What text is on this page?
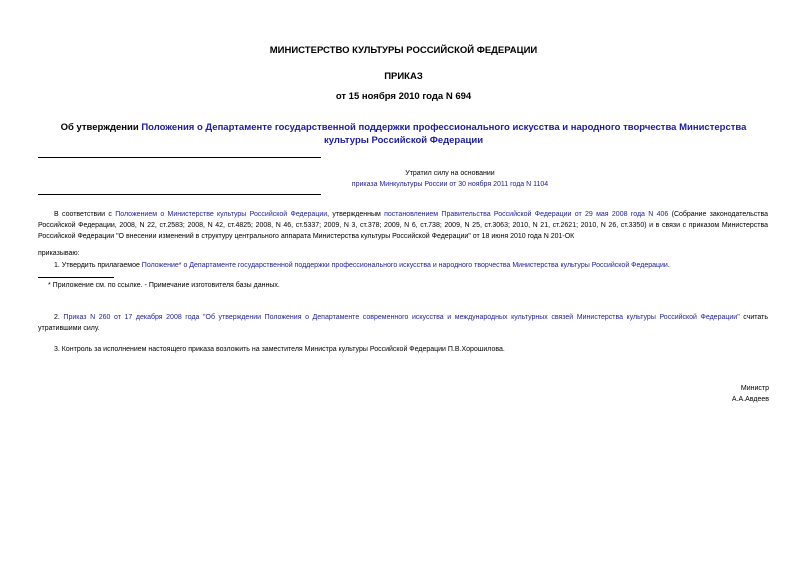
МИНИСТЕРСТВО КУЛЬТУРЫ РОССИЙСКОЙ ФЕДЕРАЦИИ
ПРИКАЗ
от 15 ноября 2010 года N 694
Об утверждении Положения о Департаменте государственной поддержки профессионального искусства и народного творчества Министерства культуры Российской Федерации
Утратил силу на основании
приказа Минкультуры России от 30 ноября 2011 года N 1104
В соответствии с Положением о Министерстве культуры Российской Федерации, утвержденным постановлением Правительства Российской Федерации от 29 мая 2008 года N 406 (Собрание законодательства Российской Федерации, 2008, N 22, ст.2583; 2008, N 42, ст.4825; 2008, N 46, ст.5337; 2009, N 3, ст.378; 2009, N 6, ст.738; 2009, N 25, ст.3063; 2010, N 21, ст.2621; 2010, N 26, ст.3350) и в связи с приказом Министерства Российской Федерации "О внесении изменений в структуру центрального аппарата Министерства культуры Российской Федерации" от 18 июня 2010 года N 201-ОК
приказываю:
1. Утвердить прилагаемое Положение* о Департаменте государственной поддержки профессионального искусства и народного творчества Министерства культуры Российской Федерации.
* Приложение см. по ссылке. - Примечание изготовителя базы данных.
2. Приказ N 260 от 17 декабря 2008 года "Об утверждении Положения о Департаменте современного искусства и международных культурных связей Министерства культуры Российской Федерации" считать утратившими силу.
3. Контроль за исполнением настоящего приказа возложить на заместителя Министра культуры Российской Федерации П.В.Хорошилова.
Министр
А.А.Авдеев
